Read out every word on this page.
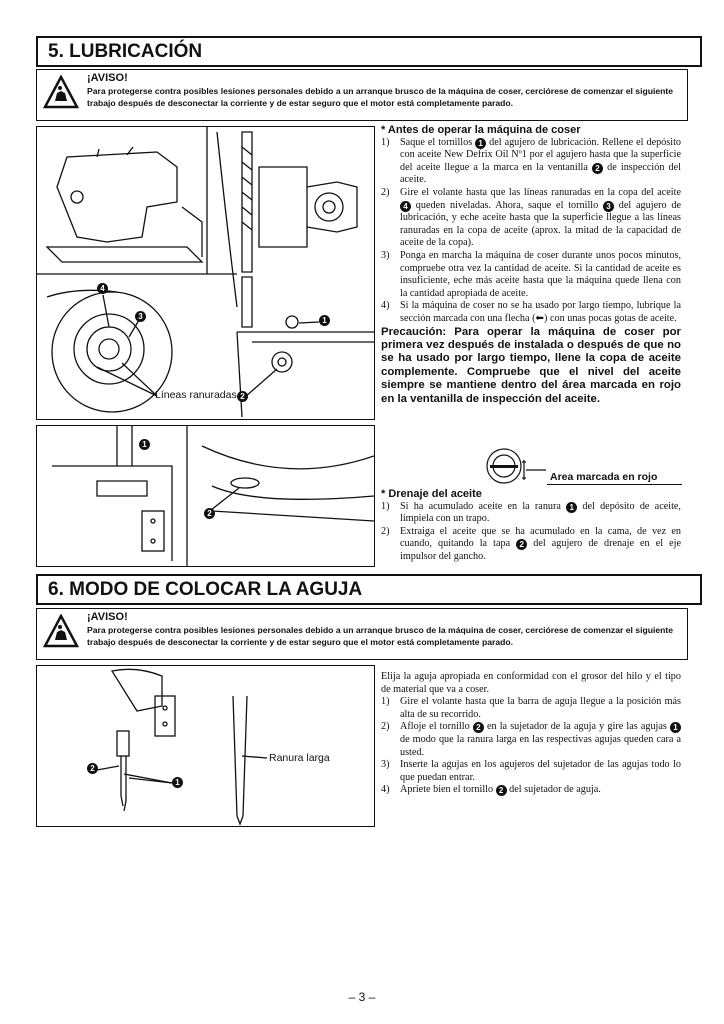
5. LUBRICACIÓN
¡AVISO!
Para protegerse contra posibles lesiones personales debido a un arranque brusco de la máquina de coser, cerciórese de comenzar el siguiente trabajo después de desconectar la corriente y de estar seguro que el motor está completamente parado.
4
3
2
1
Líneas ranuradas
1
2
* Antes de operar la máquina de coser
1) Saque el tornillos 1 del agujero de lubricación. Rellene el depósito con aceite New Defrix Oil Nº1 por el agujero hasta que la superficie del aceite llegue a la marca en la ventanilla 2 de inspección del aceite.
2) Gire el volante hasta que las líneas ranuradas en la copa del aceite 4 queden niveladas. Ahora, saque el tornillo 3 del agujero de lubricación, y eche aceite hasta que la superficie llegue a las líneas ranuradas en la copa de aceite (aprox. la mitad de la capacidad de aceite de la copa).
3) Ponga en marcha la máquina de coser durante unos pocos minutos, compruebe otra vez la cantidad de aceite. Si la cantidad de aceite es insuficiente, eche más aceite hasta que la máquina quede llena con la cantidad apropiada de aceite.
4) Si la máquina de coser no se ha usado por largo tiempo, lubrique la sección marcada con una flecha (⬅) con unas pocas gotas de aceite.
Precaución: Para operar la máquina de coser por primera vez después de instalada o después de que no se ha usado por largo tiempo, llene la copa de aceite complemente. Compruebe que el nivel del aceite siempre se mantiene dentro del área marcada en rojo en la ventanilla de inspección del aceite.
Area marcada en rojo
* Drenaje del aceite
1) Si ha acumulado aceite en la ranura 1 del depósito de aceite, límpiela con un trapo.
2) Extraiga el aceite que se ha acumulado en la cama, de vez en cuando, quitando la tapa 2 del agujero de drenaje en el eje impulsor del gancho.
6. MODO DE COLOCAR LA AGUJA
¡AVISO!
Para protegerse contra posibles lesiones personales debido a un arranque brusco de la máquina de coser, cerciórese de comenzar el siguiente trabajo después de desconectar la corriente y de estar seguro que el motor está completamente parado.
2
1
Ranura larga
Elija la aguja apropiada en conformidad con el grosor del hilo y el tipo de material que va a coser.
1) Gire el volante hasta que la barra de aguja llegue a la posición más alta de su recorrido.
2) Afloje el tornillo 2 en la sujetador de la aguja y gire las agujas 1 de modo que la ranura larga en las respectivas agujas queden cara a usted.
3) Inserte la agujas en los agujeros del sujetador de las agujas todo lo que puedan entrar.
4) Apriete bien el tornillo 2 del sujetador de aguja.
– 3 –
